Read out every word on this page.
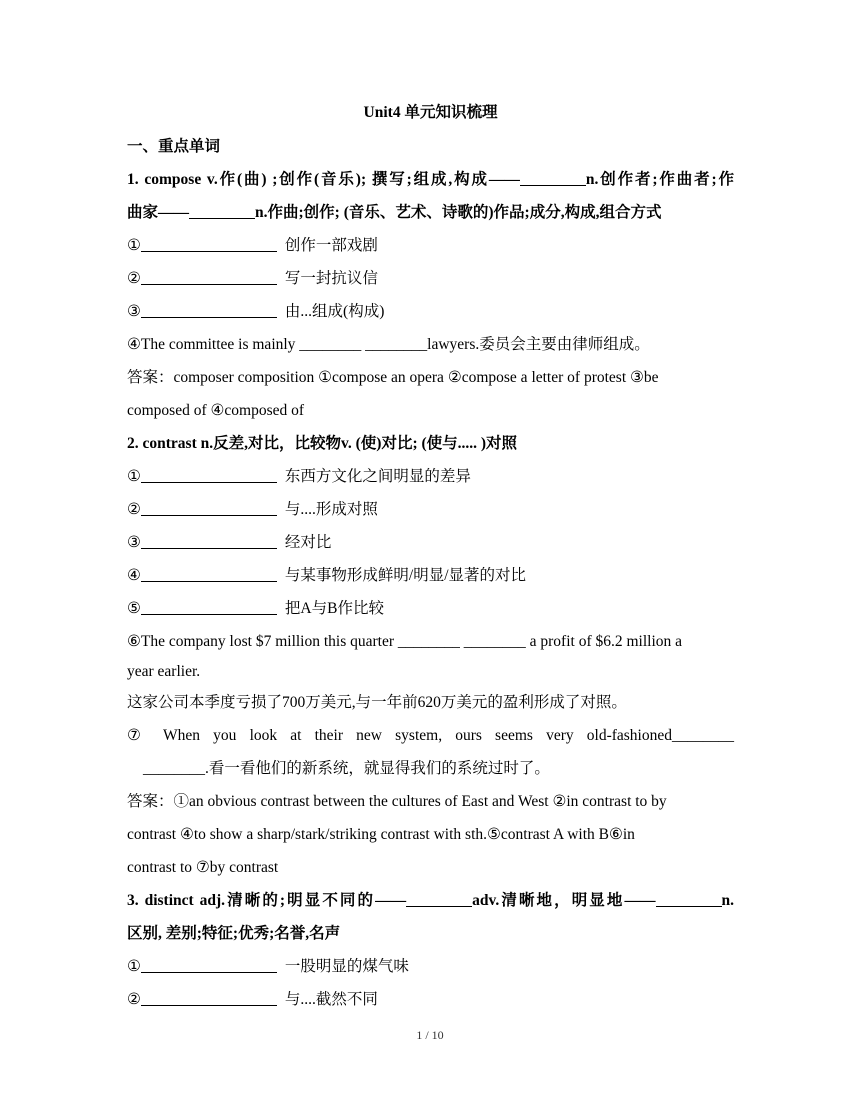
Unit4 单元知识梳理
一、重点单词
1. compose v.作(曲) ;创作(音乐); 撰写;组成,构成——	n.创作者;作曲者;作
曲家——	n.作曲;创作; (音乐、艺术、诗歌的)作品;成分,构成,组合方式
①	创作一部戏剧
②	写一封抗议信
③	由...组成(构成)
④The committee is mainly ________ ________lawyers.委员会主要由律师组成。
答案：composer composition ①compose an opera ②compose a letter of protest ③be
composed of ④composed of
2. contrast n.反差,对比，比较物v. (使)对比; (使与..... )对照
①	东西方文化之间明显的差异
②	与....形成对照
③	经对比
④	与某事物形成鲜明/明显/显著的对比
⑤	把A与B作比较
⑥The company lost $7 million this quarter ________ ________ a profit of $6.2 million a
year earlier.
这家公司本季度亏损了700万美元,与一年前620万美元的盈利形成了对照。
⑦ When you look at their new system, ours seems very old-fashioned________
________.看一看他们的新系统，就显得我们的系统过时了。
答案：①an obvious contrast between the cultures of East and West ②in contrast to by
contrast ④to show a sharp/stark/striking contrast with sth.⑤contrast A with B⑥in
contrast to ⑦by contrast
3. distinct adj.清晰的;明显不同的——	adv.清晰地，明显地——	n.
区别, 差别;特征;优秀;名誉,名声
①	一股明显的煤气味
②	与....截然不同
1 / 10
